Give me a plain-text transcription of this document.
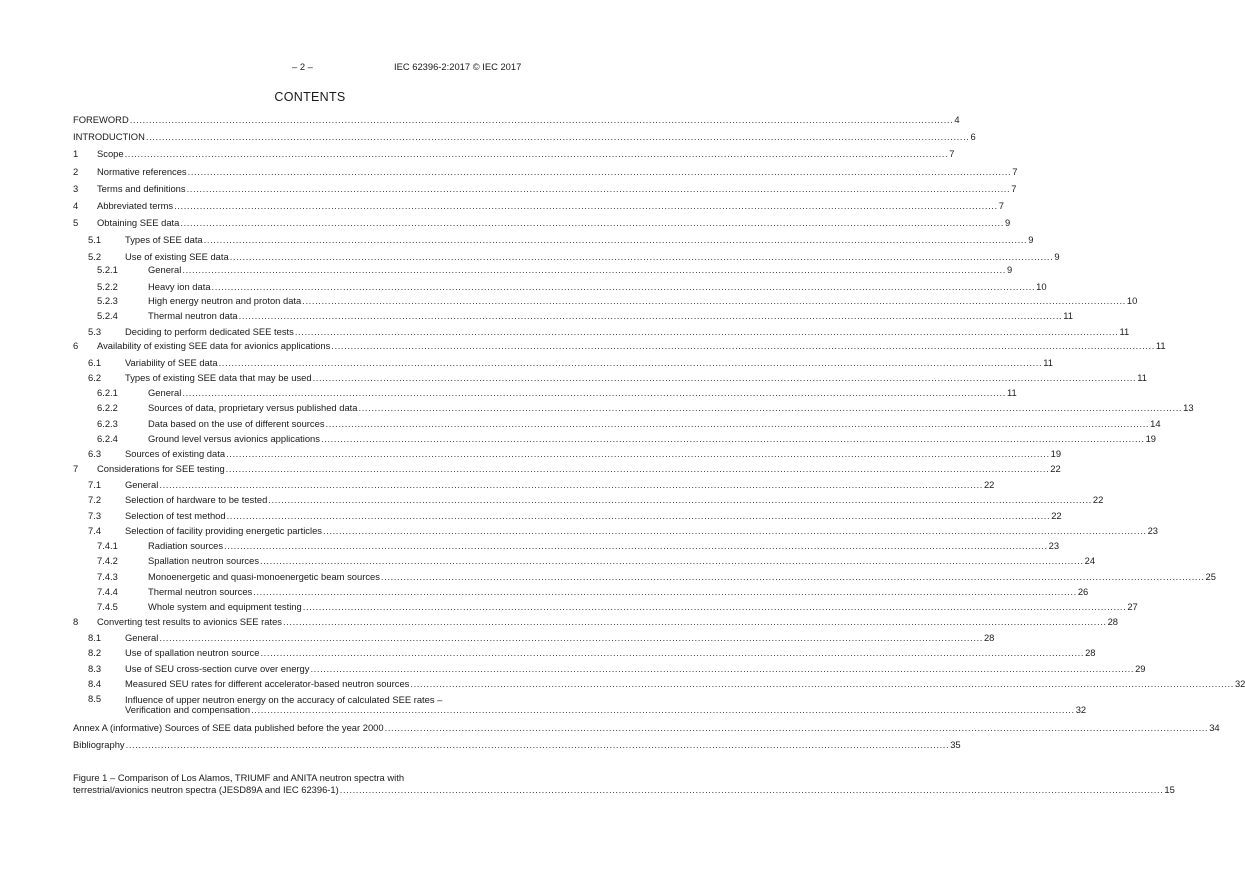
– 2 –	IEC 62396-2:2017 © IEC 2017
CONTENTS
FOREWORD ................................................................................................................................................................................................................................................................. 4
INTRODUCTION ................................................................................................................................................................................................................................................................. 6
1 Scope ................................................................................................................................................................................................................................................................. 7
2 Normative references ................................................................................................................................................................................................................................................................. 7
3 Terms and definitions ................................................................................................................................................................................................................................................................. 7
4 Abbreviated terms ................................................................................................................................................................................................................................................................. 7
5 Obtaining SEE data ................................................................................................................................................................................................................................................................. 9
5.1	Types of SEE data ................................................................................................................................................................................................................................................................. 9
5.2	Use of existing SEE data ................................................................................................................................................................................................................................................................. 9
5.2.1	General ................................................................................................................................................................................................................................................................. 9
5.2.2	Heavy ion data ................................................................................................................................................................................................................................................................. 10
5.2.3	High energy neutron and proton data ................................................................................................................................................................................................................................................................. 10
5.2.4	Thermal neutron data ................................................................................................................................................................................................................................................................. 11
5.3	Deciding to perform dedicated SEE tests ................................................................................................................................................................................................................................................................. 11
6 Availability of existing SEE data for avionics applications ................................................................................................................................................................................................................................................................. 11
6.1	Variability of SEE data ................................................................................................................................................................................................................................................................. 11
6.2	Types of existing SEE data that may be used ................................................................................................................................................................................................................................................................. 11
6.2.1	General ................................................................................................................................................................................................................................................................. 11
6.2.2	Sources of data, proprietary versus published data ................................................................................................................................................................................................................................................................. 13
6.2.3	Data based on the use of different sources ................................................................................................................................................................................................................................................................. 14
6.2.4	Ground level versus avionics applications ................................................................................................................................................................................................................................................................. 19
6.3	Sources of existing data ................................................................................................................................................................................................................................................................. 19
7 Considerations for SEE testing ................................................................................................................................................................................................................................................................. 22
7.1	General ................................................................................................................................................................................................................................................................. 22
7.2	Selection of hardware to be tested ................................................................................................................................................................................................................................................................. 22
7.3	Selection of test method ................................................................................................................................................................................................................................................................. 22
7.4	Selection of facility providing energetic particles ................................................................................................................................................................................................................................................................. 23
7.4.1	Radiation sources ................................................................................................................................................................................................................................................................. 23
7.4.2	Spallation neutron sources ................................................................................................................................................................................................................................................................. 24
7.4.3	Monoenergetic and quasi-monoenergetic beam sources ................................................................................................................................................................................................................................................................. 25
7.4.4	Thermal neutron sources ................................................................................................................................................................................................................................................................. 26
7.4.5	Whole system and equipment testing ................................................................................................................................................................................................................................................................. 27
8 Converting test results to avionics SEE rates ................................................................................................................................................................................................................................................................. 28
8.1	General ................................................................................................................................................................................................................................................................. 28
8.2	Use of spallation neutron source ................................................................................................................................................................................................................................................................. 28
8.3	Use of SEU cross-section curve over energy ................................................................................................................................................................................................................................................................. 29
8.4	Measured SEU rates for different accelerator-based neutron sources ................................................................................................................................................................................................................................................................. 32
8.5	Influence of upper neutron energy on the accuracy of calculated SEE rates –
Verification and compensation ................................................................................................................................................................................................................................................................. 32
Annex A (informative) Sources of SEE data published before the year 2000 ................................................................................................................................................................................................................................................................. 34
Bibliography ................................................................................................................................................................................................................................................................. 35
Figure 1 – Comparison of Los Alamos, TRIUMF and ANITA neutron spectra with
terrestrial/avionics neutron spectra (JESD89A and IEC 62396-1) ................................................................................................................................................................................................................................................................. 15
